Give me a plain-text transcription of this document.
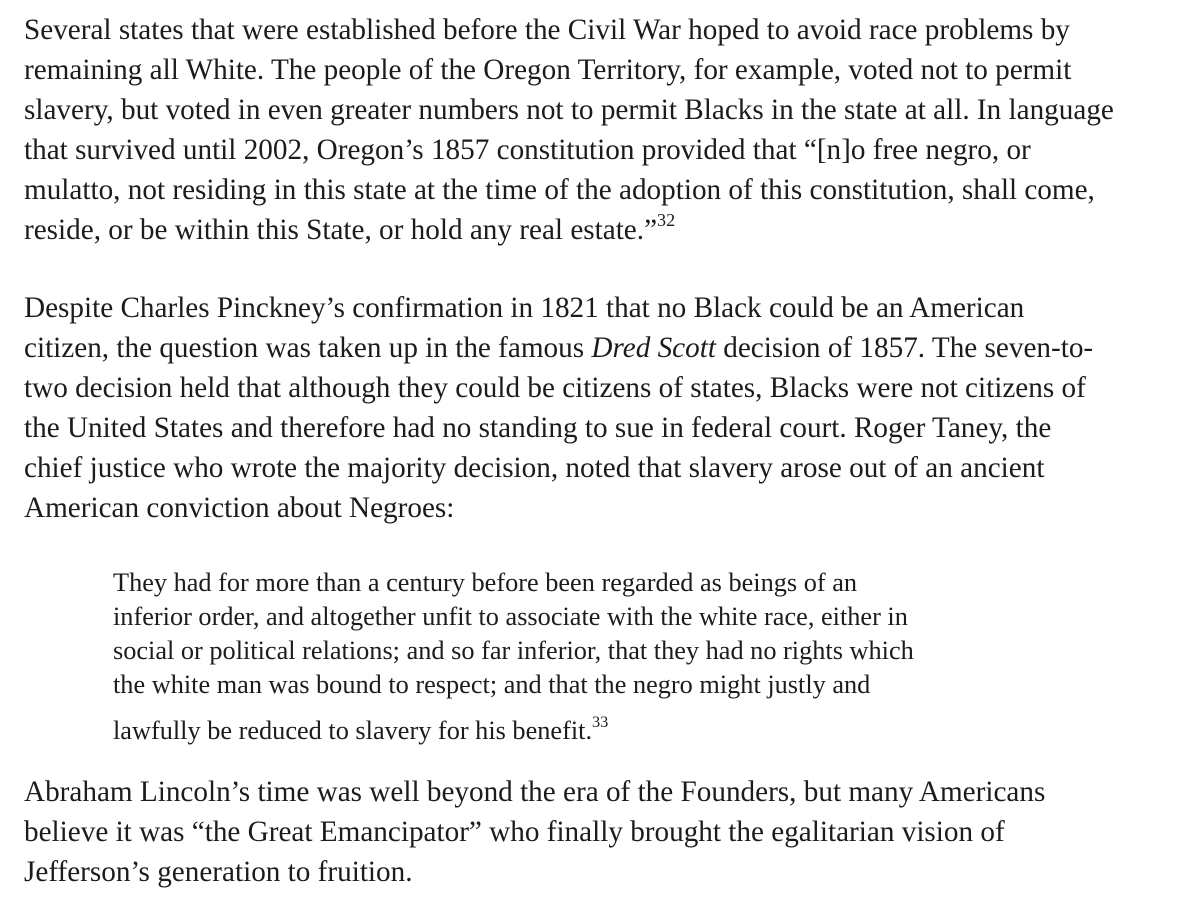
Several states that were established before the Civil War hoped to avoid race problems by
remaining all White. The people of the Oregon Territory, for example, voted not to permit
slavery, but voted in even greater numbers not to permit Blacks in the state at all. In language
that survived until 2002, Oregon’s 1857 constitution provided that “[n]o free negro, or
mulatto, not residing in this state at the time of the adoption of this constitution, shall come,
reside, or be within this State, or hold any real estate.”$^{32}$

Despite Charles Pinckney’s confirmation in 1821 that no Black could be an American
citizen, the question was taken up in the famous Dred Scott decision of 1857. The seven-to-
two decision held that although they could be citizens of states, Blacks were not citizens of
the United States and therefore had no standing to sue in federal court. Roger Taney, the
chief justice who wrote the majority decision, noted that slavery arose out of an ancient
American conviction about Negroes:

They had for more than a century before been regarded as beings of an
inferior order, and altogether unfit to associate with the white race, either in
social or political relations; and so far inferior, that they had no rights which
the white man was bound to respect; and that the negro might justly and
lawfully be reduced to slavery for his benefit.$^{33}$

Abraham Lincoln’s time was well beyond the era of the Founders, but many Americans
believe it was “the Great Emancipator” who finally brought the egalitarian vision of
Jefferson’s generation to fruition.
